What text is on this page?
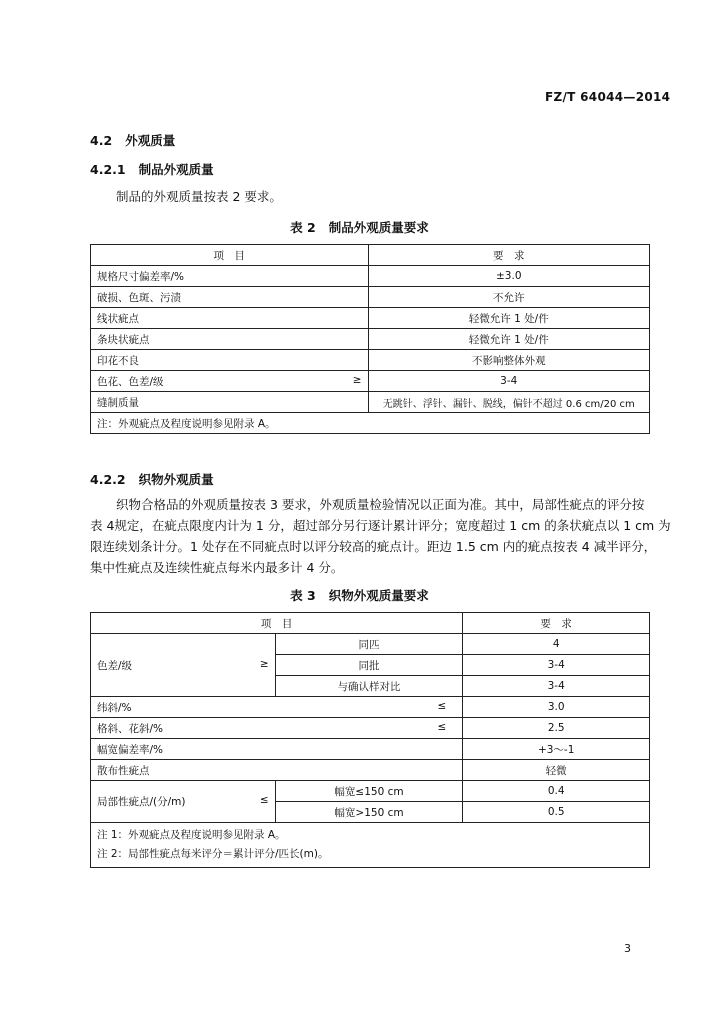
FZ/T 64044—2014
4.2 外观质量
4.2.1 制品外观质量
制品的外观质量按表 2 要求。
表 2 制品外观质量要求
项　目	要　求
规格尺寸偏差率/%	±3.0
破损、色斑、污渍	不允许
线状疵点	轻微允许 1 处/件
条块状疵点	轻微允许 1 处/件
印花不良	不影响整体外观
色花、色差/级 ≥	3-4
缝制质量	无跳针、浮针、漏针、脱线，偏针不超过 0.6 cm/20 cm
注：外观疵点及程度说明参见附录 A。	
4.2.2 织物外观质量
织物合格品的外观质量按表 3 要求，外观质量检验情况以正面为准。其中，局部性疵点的评分按
表 4规定，在疵点限度内计为 1 分，超过部分另行逐计累计评分；宽度超过 1 cm 的条状疵点以 1 cm 为
限连续划条计分。1 处存在不同疵点时以评分较高的疵点计。距边 1.5 cm 内的疵点按表 4 减半评分，
集中性疵点及连续性疵点每米内最多计 4 分。
表 3 织物外观质量要求
项　目		要　求
色差/级 ≥	同匹	4
	同批	3-4
	与确认样对比	3-4
纬斜/% ≤		3.0
格斜、花斜/% ≤		2.5
幅宽偏差率/%		+3～-1
散布性疵点		轻微
局部性疵点/(分/m) ≤	幅宽≤150 cm	0.4
	幅宽>150 cm	0.5

注 1：外观疵点及程度说明参见附录 A。
注 2：局部性疵点每米评分＝累计评分/匹长(m)。		
3
